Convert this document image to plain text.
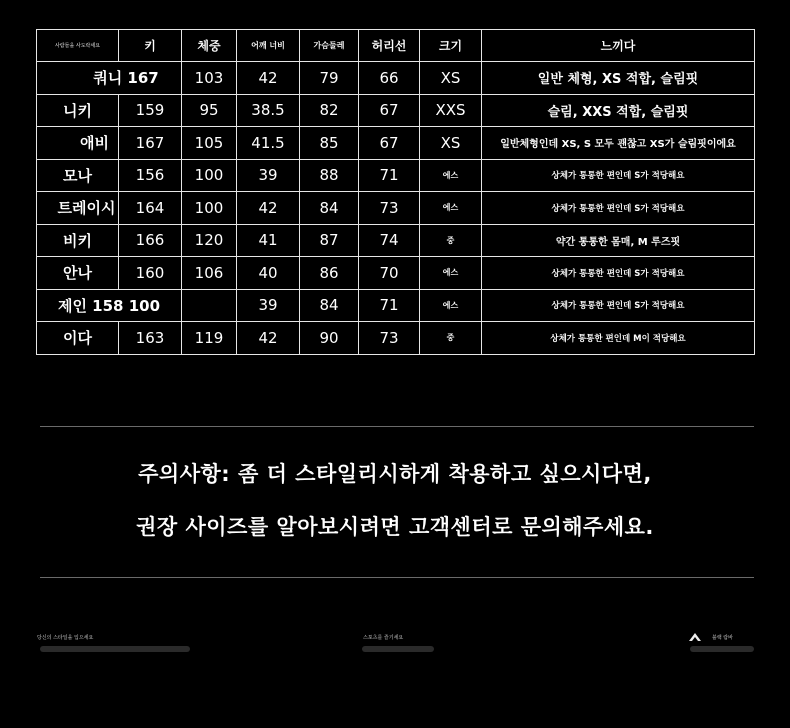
사람들을 사도락세요	키	체중	어깨 너비	가슴둘레	허리선	크기	느끼다
쿼니 167		103	42	79	66	XS	일반 체형, XS 적합, 슬림핏
니키	159	95	38.5	82	67	XXS	슬림, XXS 적합, 슬림핏
애비	167	105	41.5	85	67	XS	일반체형인데 XS, S 모두 괜찮고 XS가 슬림핏이에요
모나	156	100	39	88	71	에스	상체가 통통한 편인데 S가 적당해요
트레이시	164	100	42	84	73	에스	상체가 통통한 편인데 S가 적당해요
비키	166	120	41	87	74	중	약간 통통한 몸매, M 루즈핏
안나	160	106	40	86	70	에스	상체가 통통한 편인데 S가 적당해요
제인 158 100			39	84	71	에스	상체가 통통한 편인데 S가 적당해요
이다	163	119	42	90	73	중	상체가 통통한 편인데 M이 적당해요
주의사항: 좀 더 스타일리시하게 착용하고 싶으시다면,
권장 사이즈를 알아보시려면 고객센터로 문의해주세요.
당신의 스타일을 입으세요	스포츠를 즐기세요	블랙 람바
